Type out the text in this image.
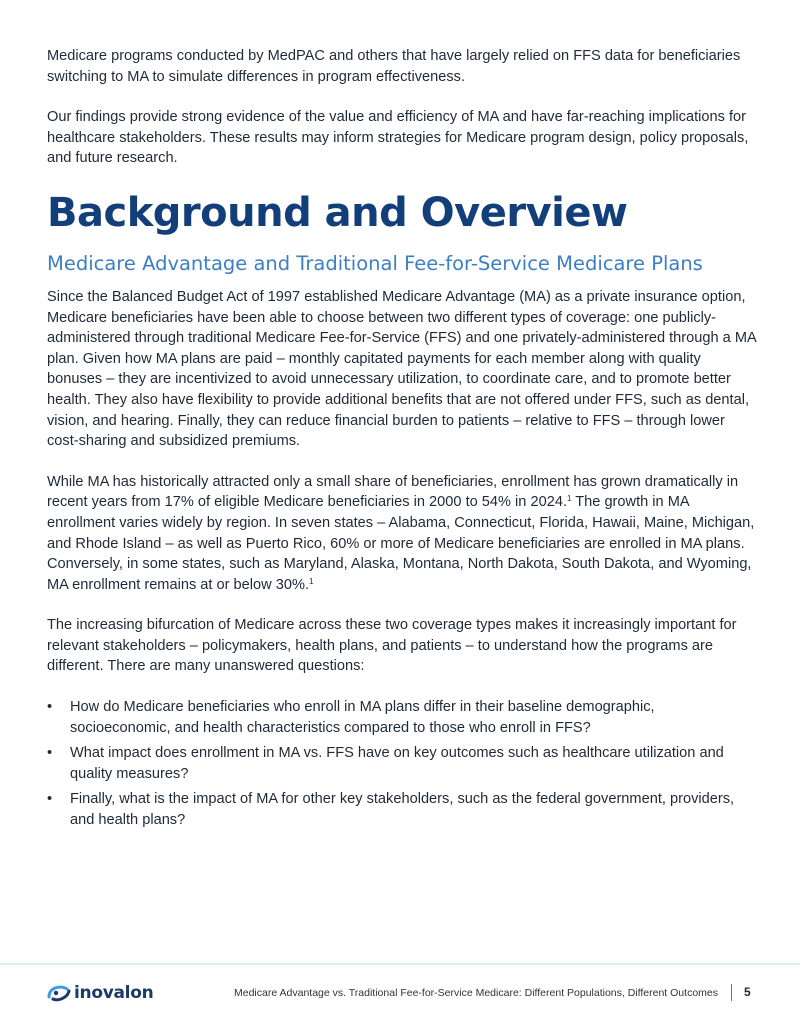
Medicare programs conducted by MedPAC and others that have largely relied on FFS data for beneficiaries switching to MA to simulate differences in program effectiveness.

Our findings provide strong evidence of the value and efficiency of MA and have far-reaching implications for healthcare stakeholders. These results may inform strategies for Medicare program design, policy proposals, and future research.

Background and Overview
Medicare Advantage and Traditional Fee-for-Service Medicare Plans

Since the Balanced Budget Act of 1997 established Medicare Advantage (MA) as a private insurance option, Medicare beneficiaries have been able to choose between two different types of coverage: one publicly-administered through traditional Medicare Fee-for-Service (FFS) and one privately-administered through a MA plan. Given how MA plans are paid – monthly capitated payments for each member along with quality bonuses – they are incentivized to avoid unnecessary utilization, to coordinate care, and to promote better health. They also have flexibility to provide additional benefits that are not offered under FFS, such as dental, vision, and hearing. Finally, they can reduce financial burden to patients – relative to FFS – through lower cost-sharing and subsidized premiums.

While MA has historically attracted only a small share of beneficiaries, enrollment has grown dramatically in recent years from 17% of eligible Medicare beneficiaries in 2000 to 54% in 2024.$^1$ The growth in MA enrollment varies widely by region. In seven states – Alabama, Connecticut, Florida, Hawaii, Maine, Michigan, and Rhode Island – as well as Puerto Rico, 60% or more of Medicare beneficiaries are enrolled in MA plans. Conversely, in some states, such as Maryland, Alaska, Montana, North Dakota, South Dakota, and Wyoming, MA enrollment remains at or below 30%.$^1$

The increasing bifurcation of Medicare across these two coverage types makes it increasingly important for relevant stakeholders – policymakers, health plans, and patients – to understand how the programs are different. There are many unanswered questions:

• How do Medicare beneficiaries who enroll in MA plans differ in their baseline demographic, socioeconomic, and health characteristics compared to those who enroll in FFS?
• What impact does enrollment in MA vs. FFS have on key outcomes such as healthcare utilization and quality measures?
• Finally, what is the impact of MA for other key stakeholders, such as the federal government, providers, and health plans?
inovalon	Medicare Advantage vs. Traditional Fee-for-Service Medicare: Different Populations, Different Outcomes 5
